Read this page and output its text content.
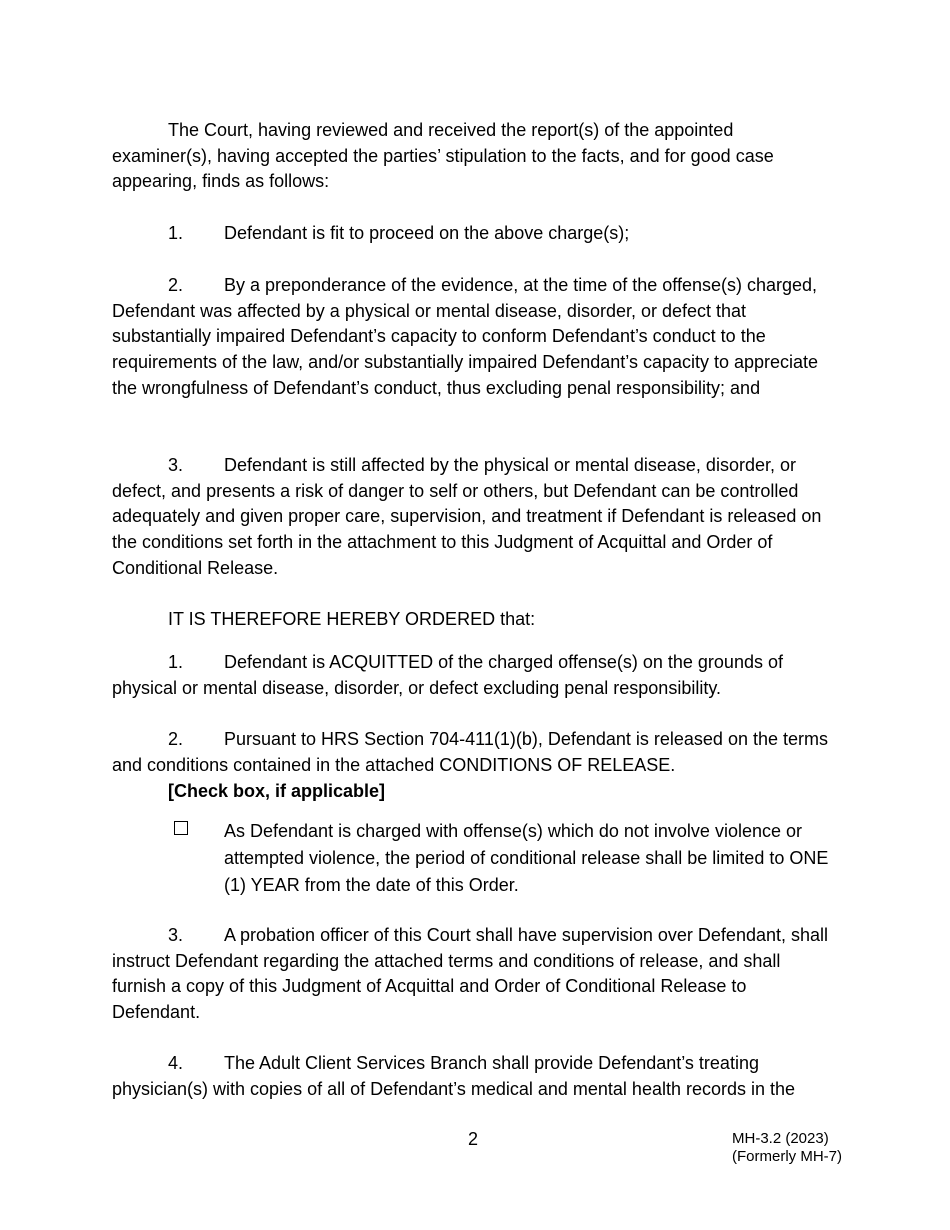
The Court, having reviewed and received the report(s) of the appointed examiner(s), having accepted the parties’ stipulation to the facts, and for good case appearing, finds as follows:

1. Defendant is fit to proceed on the above charge(s);

2. By a preponderance of the evidence, at the time of the offense(s) charged, Defendant was affected by a physical or mental disease, disorder, or defect that substantially impaired Defendant’s capacity to conform Defendant’s conduct to the requirements of the law, and/or substantially impaired Defendant’s capacity to appreciate the wrongfulness of Defendant’s conduct, thus excluding penal responsibility; and

3. Defendant is still affected by the physical or mental disease, disorder, or defect, and presents a risk of danger to self or others, but Defendant can be controlled adequately and given proper care, supervision, and treatment if Defendant is released on the conditions set forth in the attachment to this Judgment of Acquittal and Order of Conditional Release.

IT IS THEREFORE HEREBY ORDERED that:

1. Defendant is ACQUITTED of the charged offense(s) on the grounds of physical or mental disease, disorder, or defect excluding penal responsibility.

2. Pursuant to HRS Section 704-411(1)(b), Defendant is released on the terms and conditions contained in the attached CONDITIONS OF RELEASE.

[Check box, if applicable]

As Defendant is charged with offense(s) which do not involve violence or attempted violence, the period of conditional release shall be limited to ONE (1) YEAR from the date of this Order.

3. A probation officer of this Court shall have supervision over Defendant, shall instruct Defendant regarding the attached terms and conditions of release, and shall furnish a copy of this Judgment of Acquittal and Order of Conditional Release to Defendant.

4. The Adult Client Services Branch shall provide Defendant’s treating physician(s) with copies of all of Defendant’s medical and mental health records in the

2	MH-3.2 (2023)
(Formerly MH-7)
